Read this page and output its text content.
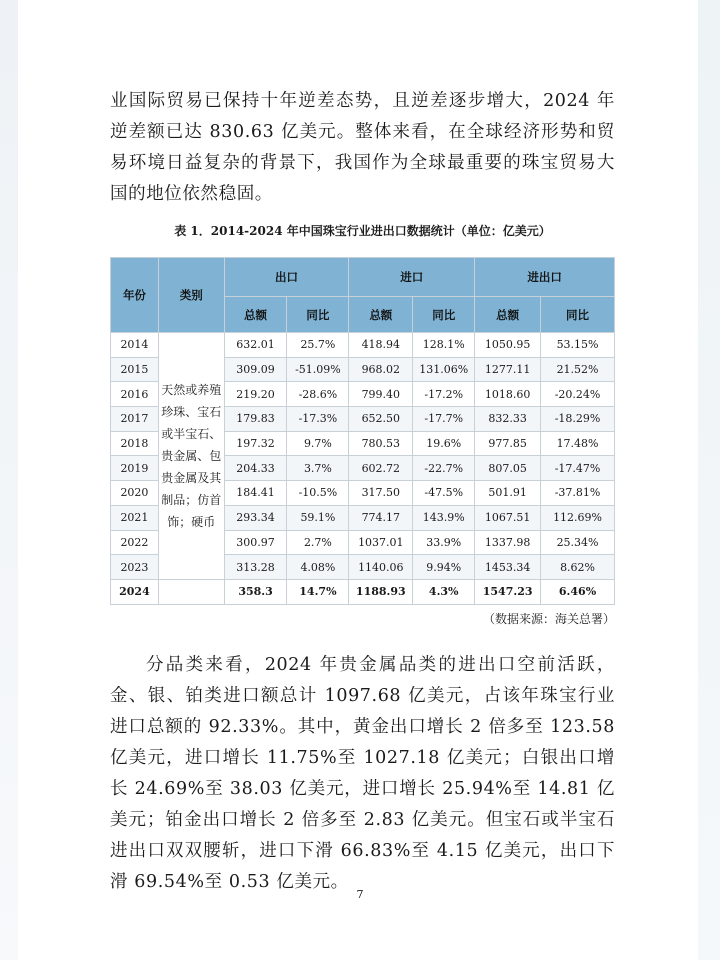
业国际贸易已保持十年逆差态势，且逆差逐步增大，2024 年逆差额已达 830.63 亿美元。整体来看，在全球经济形势和贸易环境日益复杂的背景下，我国作为全球最重要的珠宝贸易大国的地位依然稳固。

表 1．2014-2024 年中国珠宝行业进出口数据统计（单位：亿美元）
年份	类别	出口		进口		进出口	
		总额	同比	总额	同比	总额	同比
2014	天然或养殖珍珠、宝石或半宝石、贵金属、包贵金属及其制品；仿首饰；硬币	632.01	25.7%	418.94	128.1%	1050.95	53.15%
2015		309.09	-51.09%	968.02	131.06%	1277.11	21.52%
2016		219.20	-28.6%	799.40	-17.2%	1018.60	-20.24%
2017		179.83	-17.3%	652.50	-17.7%	832.33	-18.29%
2018		197.32	9.7%	780.53	19.6%	977.85	17.48%
2019		204.33	3.7%	602.72	-22.7%	807.05	-17.47%
2020		184.41	-10.5%	317.50	-47.5%	501.91	-37.81%
2021		293.34	59.1%	774.17	143.9%	1067.51	112.69%
2022		300.97	2.7%	1037.01	33.9%	1337.98	25.34%
2023		313.28	4.08%	1140.06	9.94%	1453.34	8.62%
2024		358.3	14.7%	1188.93	4.3%	1547.23	6.46%
（数据来源：海关总署）

分品类来看，2024 年贵金属品类的进出口空前活跃，金、银、铂类进口额总计 1097.68 亿美元，占该年珠宝行业进口总额的 92.33%。其中，黄金出口增长 2 倍多至 123.58 亿美元，进口增长 11.75%至 1027.18 亿美元；白银出口增长 24.69%至 38.03 亿美元，进口增长 25.94%至 14.81 亿美元；铂金出口增长 2 倍多至 2.83 亿美元。但宝石或半宝石进出口双双腰斩，进口下滑 66.83%至 4.15 亿美元，出口下滑 69.54%至 0.53 亿美元。

7
